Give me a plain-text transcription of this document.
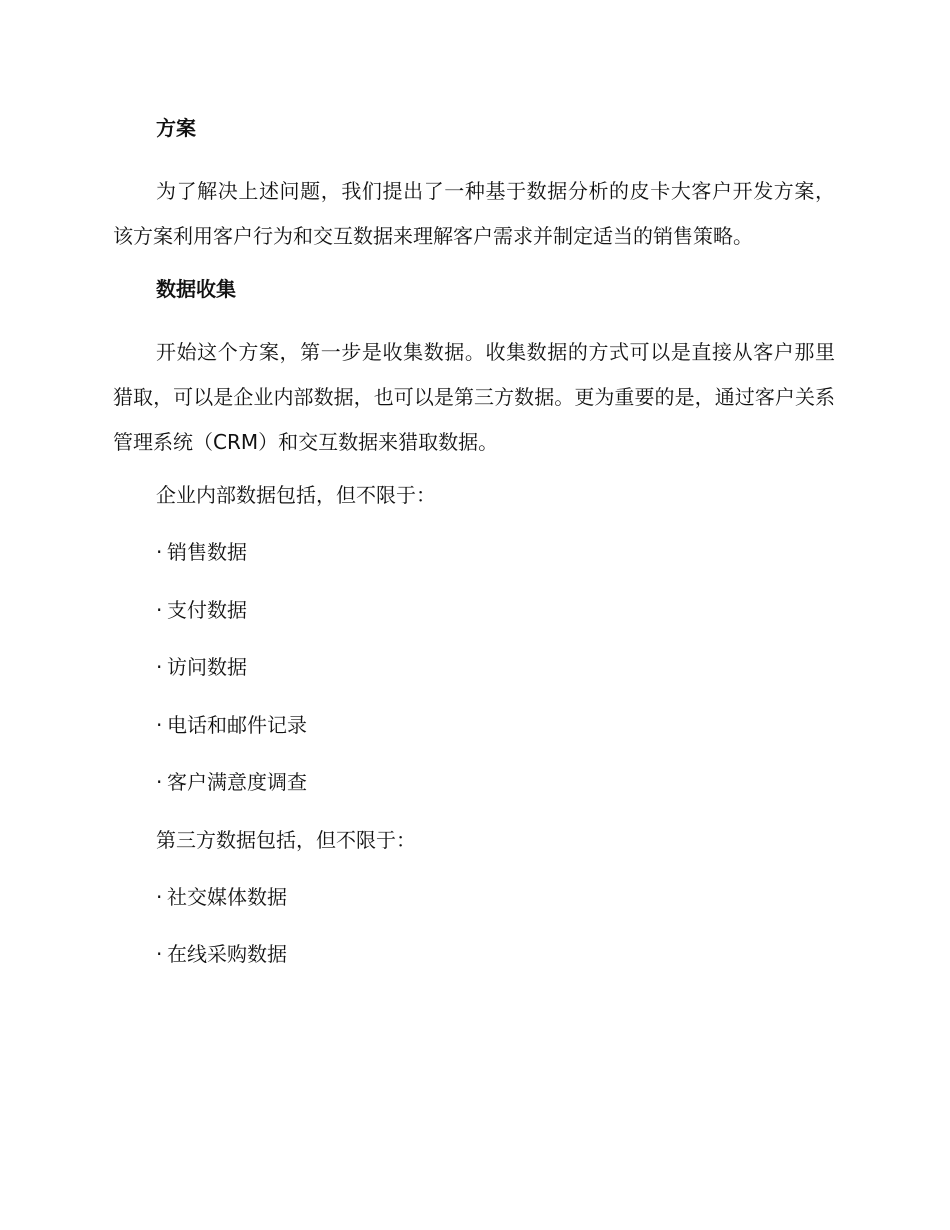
方案

为了解决上述问题，我们提出了一种基于数据分析的皮卡大客户开发方案，该方案利用客户行为和交互数据来理解客户需求并制定适当的销售策略。

数据收集

开始这个方案，第一步是收集数据。收集数据的方式可以是直接从客户那里猎取，可以是企业内部数据，也可以是第三方数据。更为重要的是，通过客户关系管理系统（CRM）和交互数据来猎取数据。

企业内部数据包括，但不限于：
· 销售数据
· 支付数据
· 访问数据
· 电话和邮件记录
· 客户满意度调查
第三方数据包括，但不限于：
· 社交媒体数据
· 在线采购数据
